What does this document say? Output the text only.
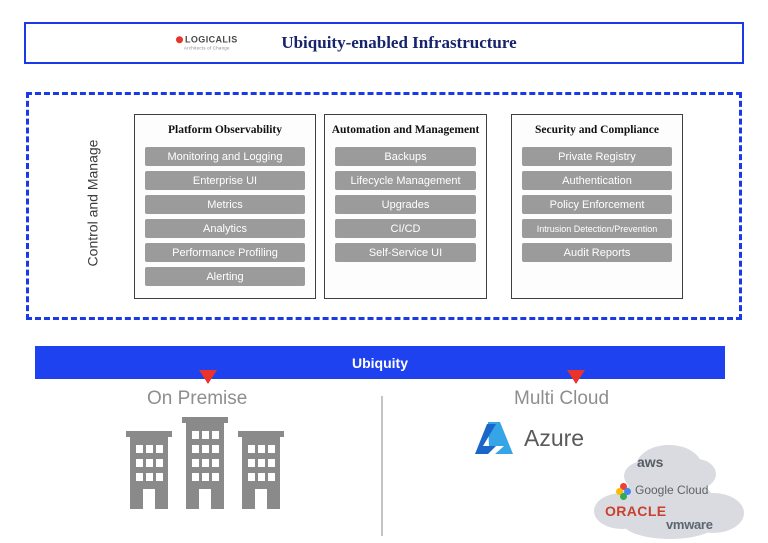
LOGICALIS
Architects of Change	Ubiquity-enabled Infrastructure
Control and Manage
Platform Observability
Monitoring and Logging
Enterprise UI
Metrics
Analytics
Performance Profiling
Alerting
Automation and Management
Backups
Lifecycle Management
Upgrades
CI/CD
Self-Service UI
Security and Compliance
Private Registry
Authentication
Policy Enforcement
Intrusion Detection/Prevention
Audit Reports
Ubiquity
On Premise	Multi Cloud
Azure
aws
Google Cloud
ORACLE
vmware
